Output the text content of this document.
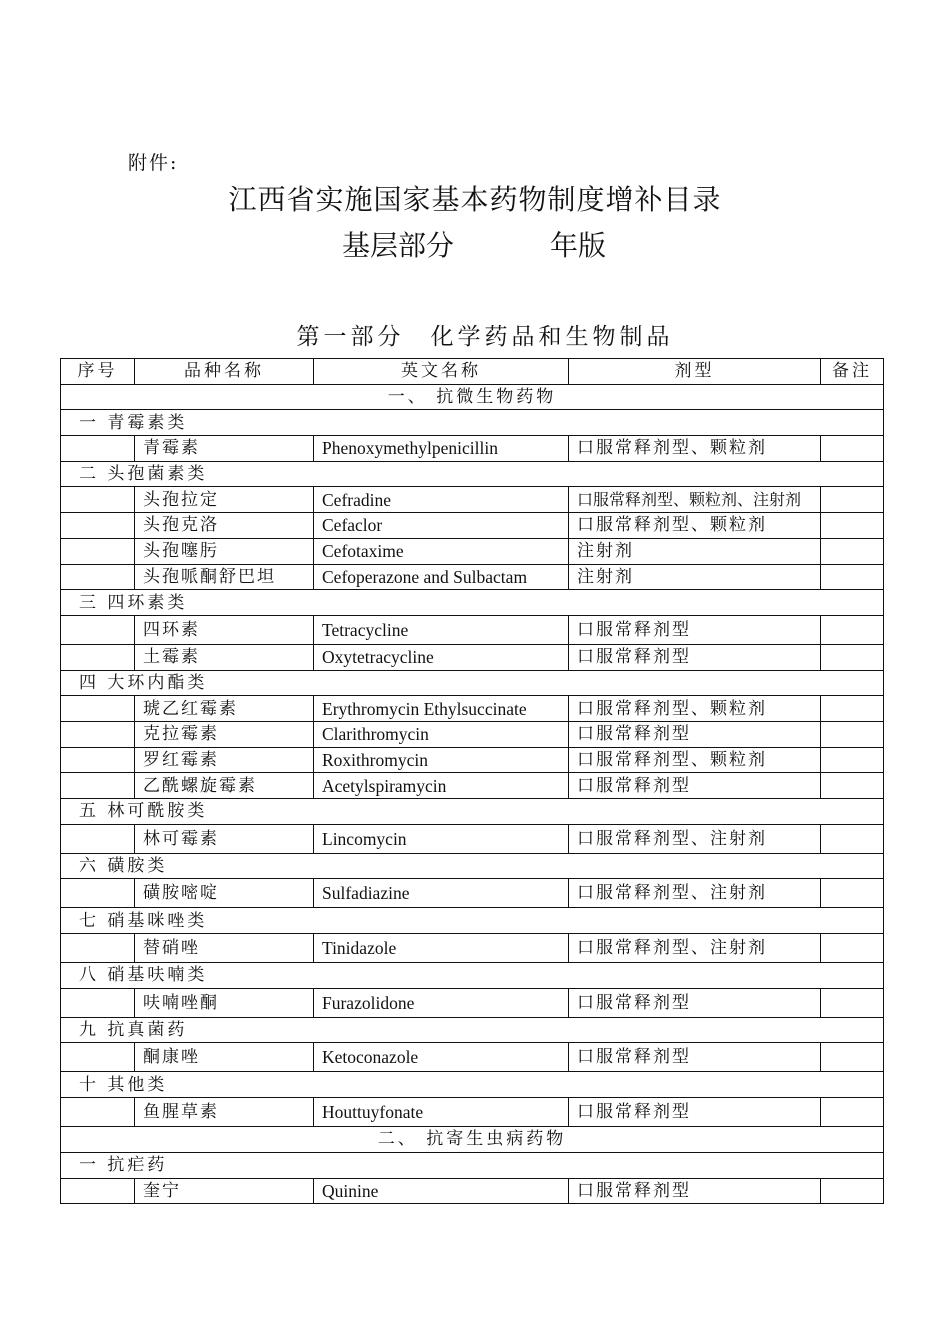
附件:
江西省实施国家基本药物制度增补目录
基层部分	年版
第一部分 化学药品和生物制品
序号	品种名称	英文名称	剂型	备注
一、 抗微生物药物				
一 青霉素类				
	青霉素	Phenoxymethylpenicillin	口服常释剂型、颗粒剂	
二 头孢菌素类				
	头孢拉定	Cefradine	口服常释剂型、颗粒剂、注射剂	
	头孢克洛	Cefaclor	口服常释剂型、颗粒剂	
	头孢噻肟	Cefotaxime	注射剂	
	头孢哌酮舒巴坦	Cefoperazone and Sulbactam	注射剂	
三 四环素类				
	四环素	Tetracycline	口服常释剂型	
	土霉素	Oxytetracycline	口服常释剂型	
四 大环内酯类				
	琥乙红霉素	Erythromycin Ethylsuccinate	口服常释剂型、颗粒剂	
	克拉霉素	Clarithromycin	口服常释剂型	
	罗红霉素	Roxithromycin	口服常释剂型、颗粒剂	
	乙酰螺旋霉素	Acetylspiramycin	口服常释剂型	
五 林可酰胺类				
	林可霉素	Lincomycin	口服常释剂型、注射剂	
六 磺胺类				
	磺胺嘧啶	Sulfadiazine	口服常释剂型、注射剂	
七 硝基咪唑类				
	替硝唑	Tinidazole	口服常释剂型、注射剂	
八 硝基呋喃类				
	呋喃唑酮	Furazolidone	口服常释剂型	
九 抗真菌药				
	酮康唑	Ketoconazole	口服常释剂型	
十 其他类				
	鱼腥草素	Houttuyfonate	口服常释剂型	
二、 抗寄生虫病药物				
一 抗疟药				
	奎宁	Quinine	口服常释剂型	
